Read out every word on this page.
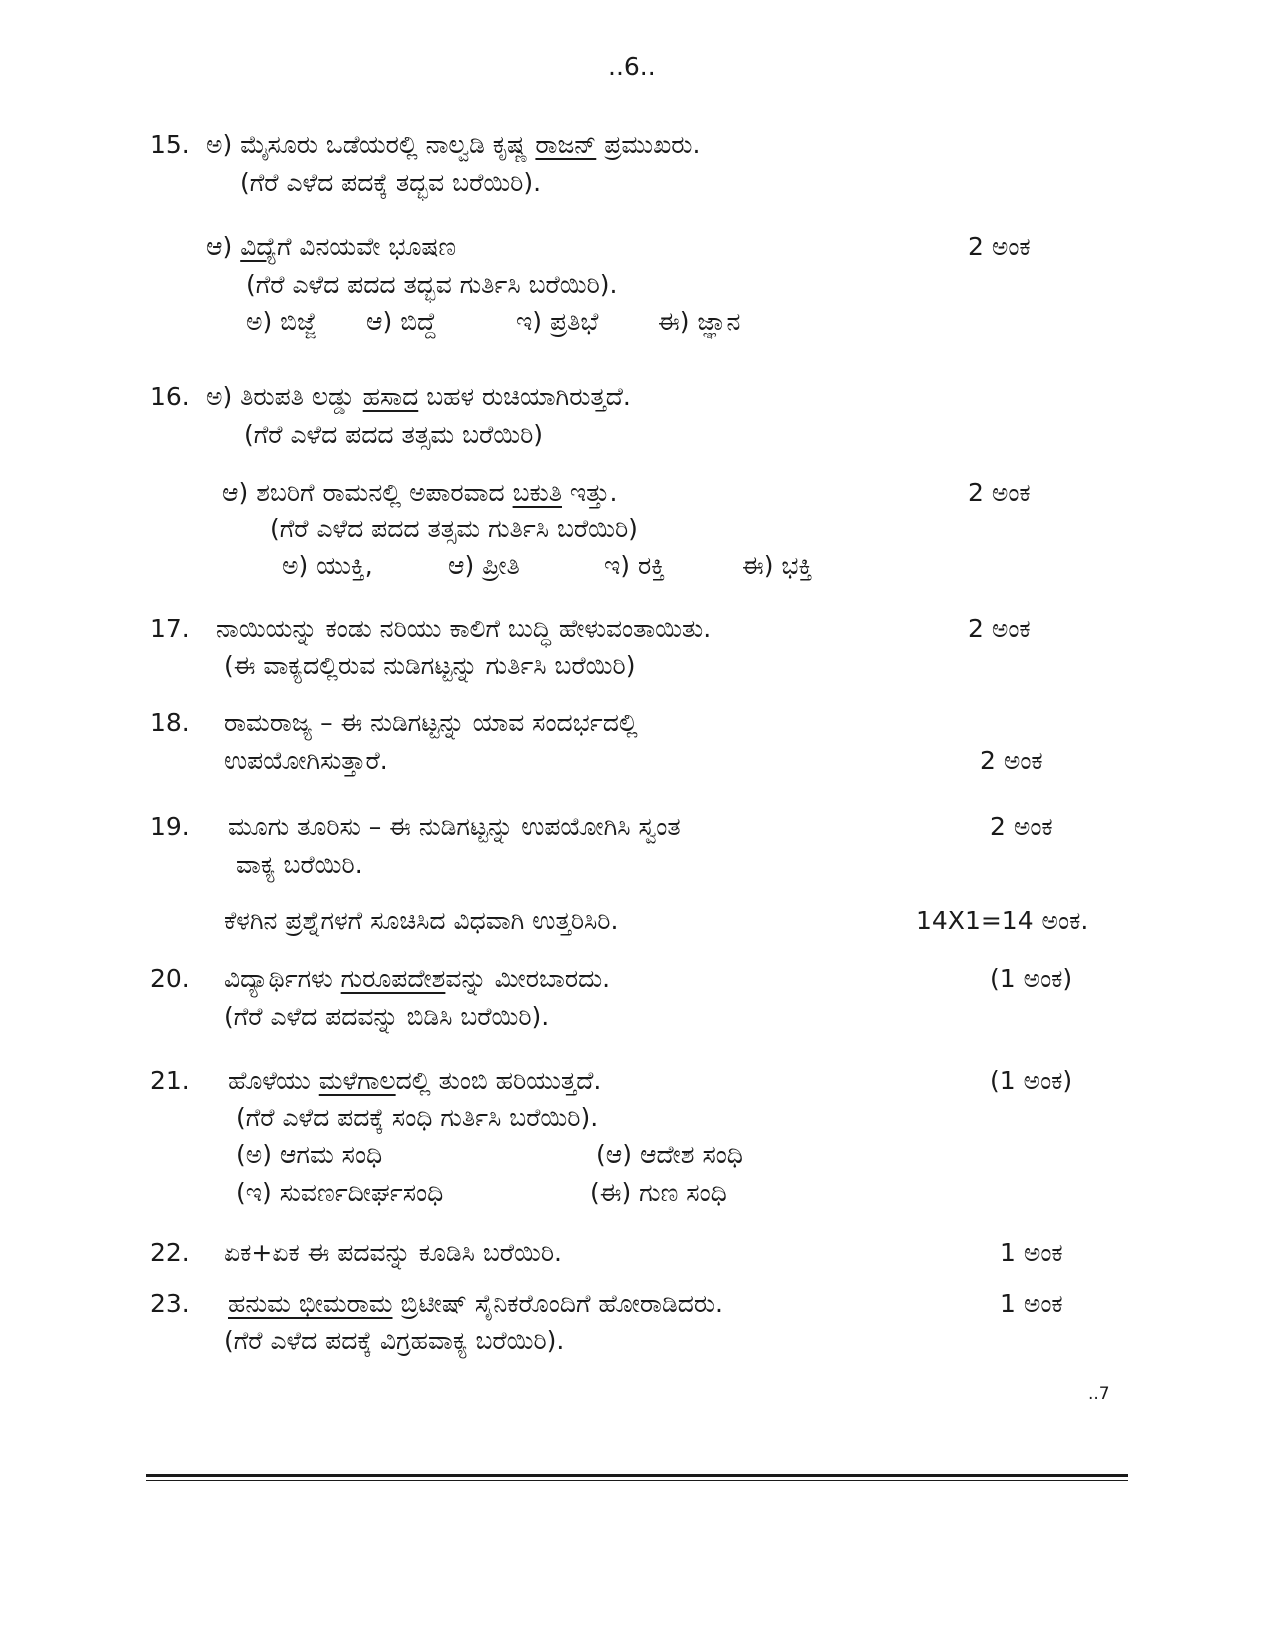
..6..
15. ಅ) ಮೈಸೂರು ಒಡೆಯರಲ್ಲಿ ನಾಲ್ವಡಿ ಕೃಷ್ಣ ರಾಜನ್ ಪ್ರಮುಖರು.
(ಗೆರೆ ಎಳೆದ ಪದಕ್ಕೆ ತದ್ಭವ ಬರೆಯಿರಿ).
ಆ) ವಿದ್ಯೆಗೆ ವಿನಯವೇ ಭೂಷಣ	2 ಅಂಕ
(ಗೆರೆ ಎಳೆದ ಪದದ ತದ್ಭವ ಗುರ್ತಿಸಿ ಬರೆಯಿರಿ).
ಅ) ಬಿಜ್ಜೆ ಆ) ಬಿದ್ದೆ	ಇ) ಪ್ರತಿಭೆ ಈ) ಜ್ಞಾನ
16. ಅ) ತಿರುಪತಿ ಲಡ್ಡು ಹಸಾದ ಬಹಳ ರುಚಿಯಾಗಿರುತ್ತದೆ.
(ಗೆರೆ ಎಳೆದ ಪದದ ತತ್ಸಮ ಬರೆಯಿರಿ)
ಆ) ಶಬರಿಗೆ ರಾಮನಲ್ಲಿ ಅಪಾರವಾದ ಬಕುತಿ ಇತ್ತು.	2 ಅಂಕ
(ಗೆರೆ ಎಳೆದ ಪದದ ತತ್ಸಮ ಗುರ್ತಿಸಿ ಬರೆಯಿರಿ)
ಅ) ಯುಕ್ತಿ,	ಆ) ಪ್ರೀತಿ	ಇ) ರಕ್ತಿ	ಈ) ಭಕ್ತಿ
17. ನಾಯಿಯನ್ನು ಕಂಡು ನರಿಯು ಕಾಲಿಗೆ ಬುದ್ಧಿ ಹೇಳುವಂತಾಯಿತು.	2 ಅಂಕ
(ಈ ವಾಕ್ಯದಲ್ಲಿರುವ ನುಡಿಗಟ್ಟನ್ನು ಗುರ್ತಿಸಿ ಬರೆಯಿರಿ)
18. ರಾಮರಾಜ್ಯ – ಈ ನುಡಿಗಟ್ಟನ್ನು ಯಾವ ಸಂದರ್ಭದಲ್ಲಿ
ಉಪಯೋಗಿಸುತ್ತಾರೆ.	2 ಅಂಕ
19. ಮೂಗು ತೂರಿಸು – ಈ ನುಡಿಗಟ್ಟನ್ನು ಉಪಯೋಗಿಸಿ ಸ್ವಂತ	2 ಅಂಕ
ವಾಕ್ಯ ಬರೆಯಿರಿ.
ಕೆಳಗಿನ ಪ್ರಶ್ನೆಗಳಗೆ ಸೂಚಿಸಿದ ವಿಧವಾಗಿ ಉತ್ತರಿಸಿರಿ.	14X1=14 ಅಂಕ.
20. ವಿದ್ಯಾರ್ಥಿಗಳು ಗುರೂಪದೇಶವನ್ನು ಮೀರಬಾರದು.	(1 ಅಂಕ)
(ಗೆರೆ ಎಳೆದ ಪದವನ್ನು ಬಿಡಿಸಿ ಬರೆಯಿರಿ).
21. ಹೊಳೆಯು ಮಳೆಗಾಲದಲ್ಲಿ ತುಂಬಿ ಹರಿಯುತ್ತದೆ.	(1 ಅಂಕ)
(ಗೆರೆ ಎಳೆದ ಪದಕ್ಕೆ ಸಂಧಿ ಗುರ್ತಿಸಿ ಬರೆಯಿರಿ).
(ಅ) ಆಗಮ ಸಂಧಿ	(ಆ) ಆದೇಶ ಸಂಧಿ
(ಇ) ಸುವರ್ಣದೀರ್ಘಸಂಧಿ	(ಈ) ಗುಣ ಸಂಧಿ
22. ಏಕ+ಏಕ ಈ ಪದವನ್ನು ಕೂಡಿಸಿ ಬರೆಯಿರಿ.	1 ಅಂಕ
23. ಹನುಮ ಭೀಮರಾಮ ಬ್ರಿಟೀಷ್ ಸೈನಿಕರೊಂದಿಗೆ ಹೋರಾಡಿದರು.	1 ಅಂಕ
(ಗೆರೆ ಎಳೆದ ಪದಕ್ಕೆ ವಿಗ್ರಹವಾಕ್ಯ ಬರೆಯಿರಿ).
..7
